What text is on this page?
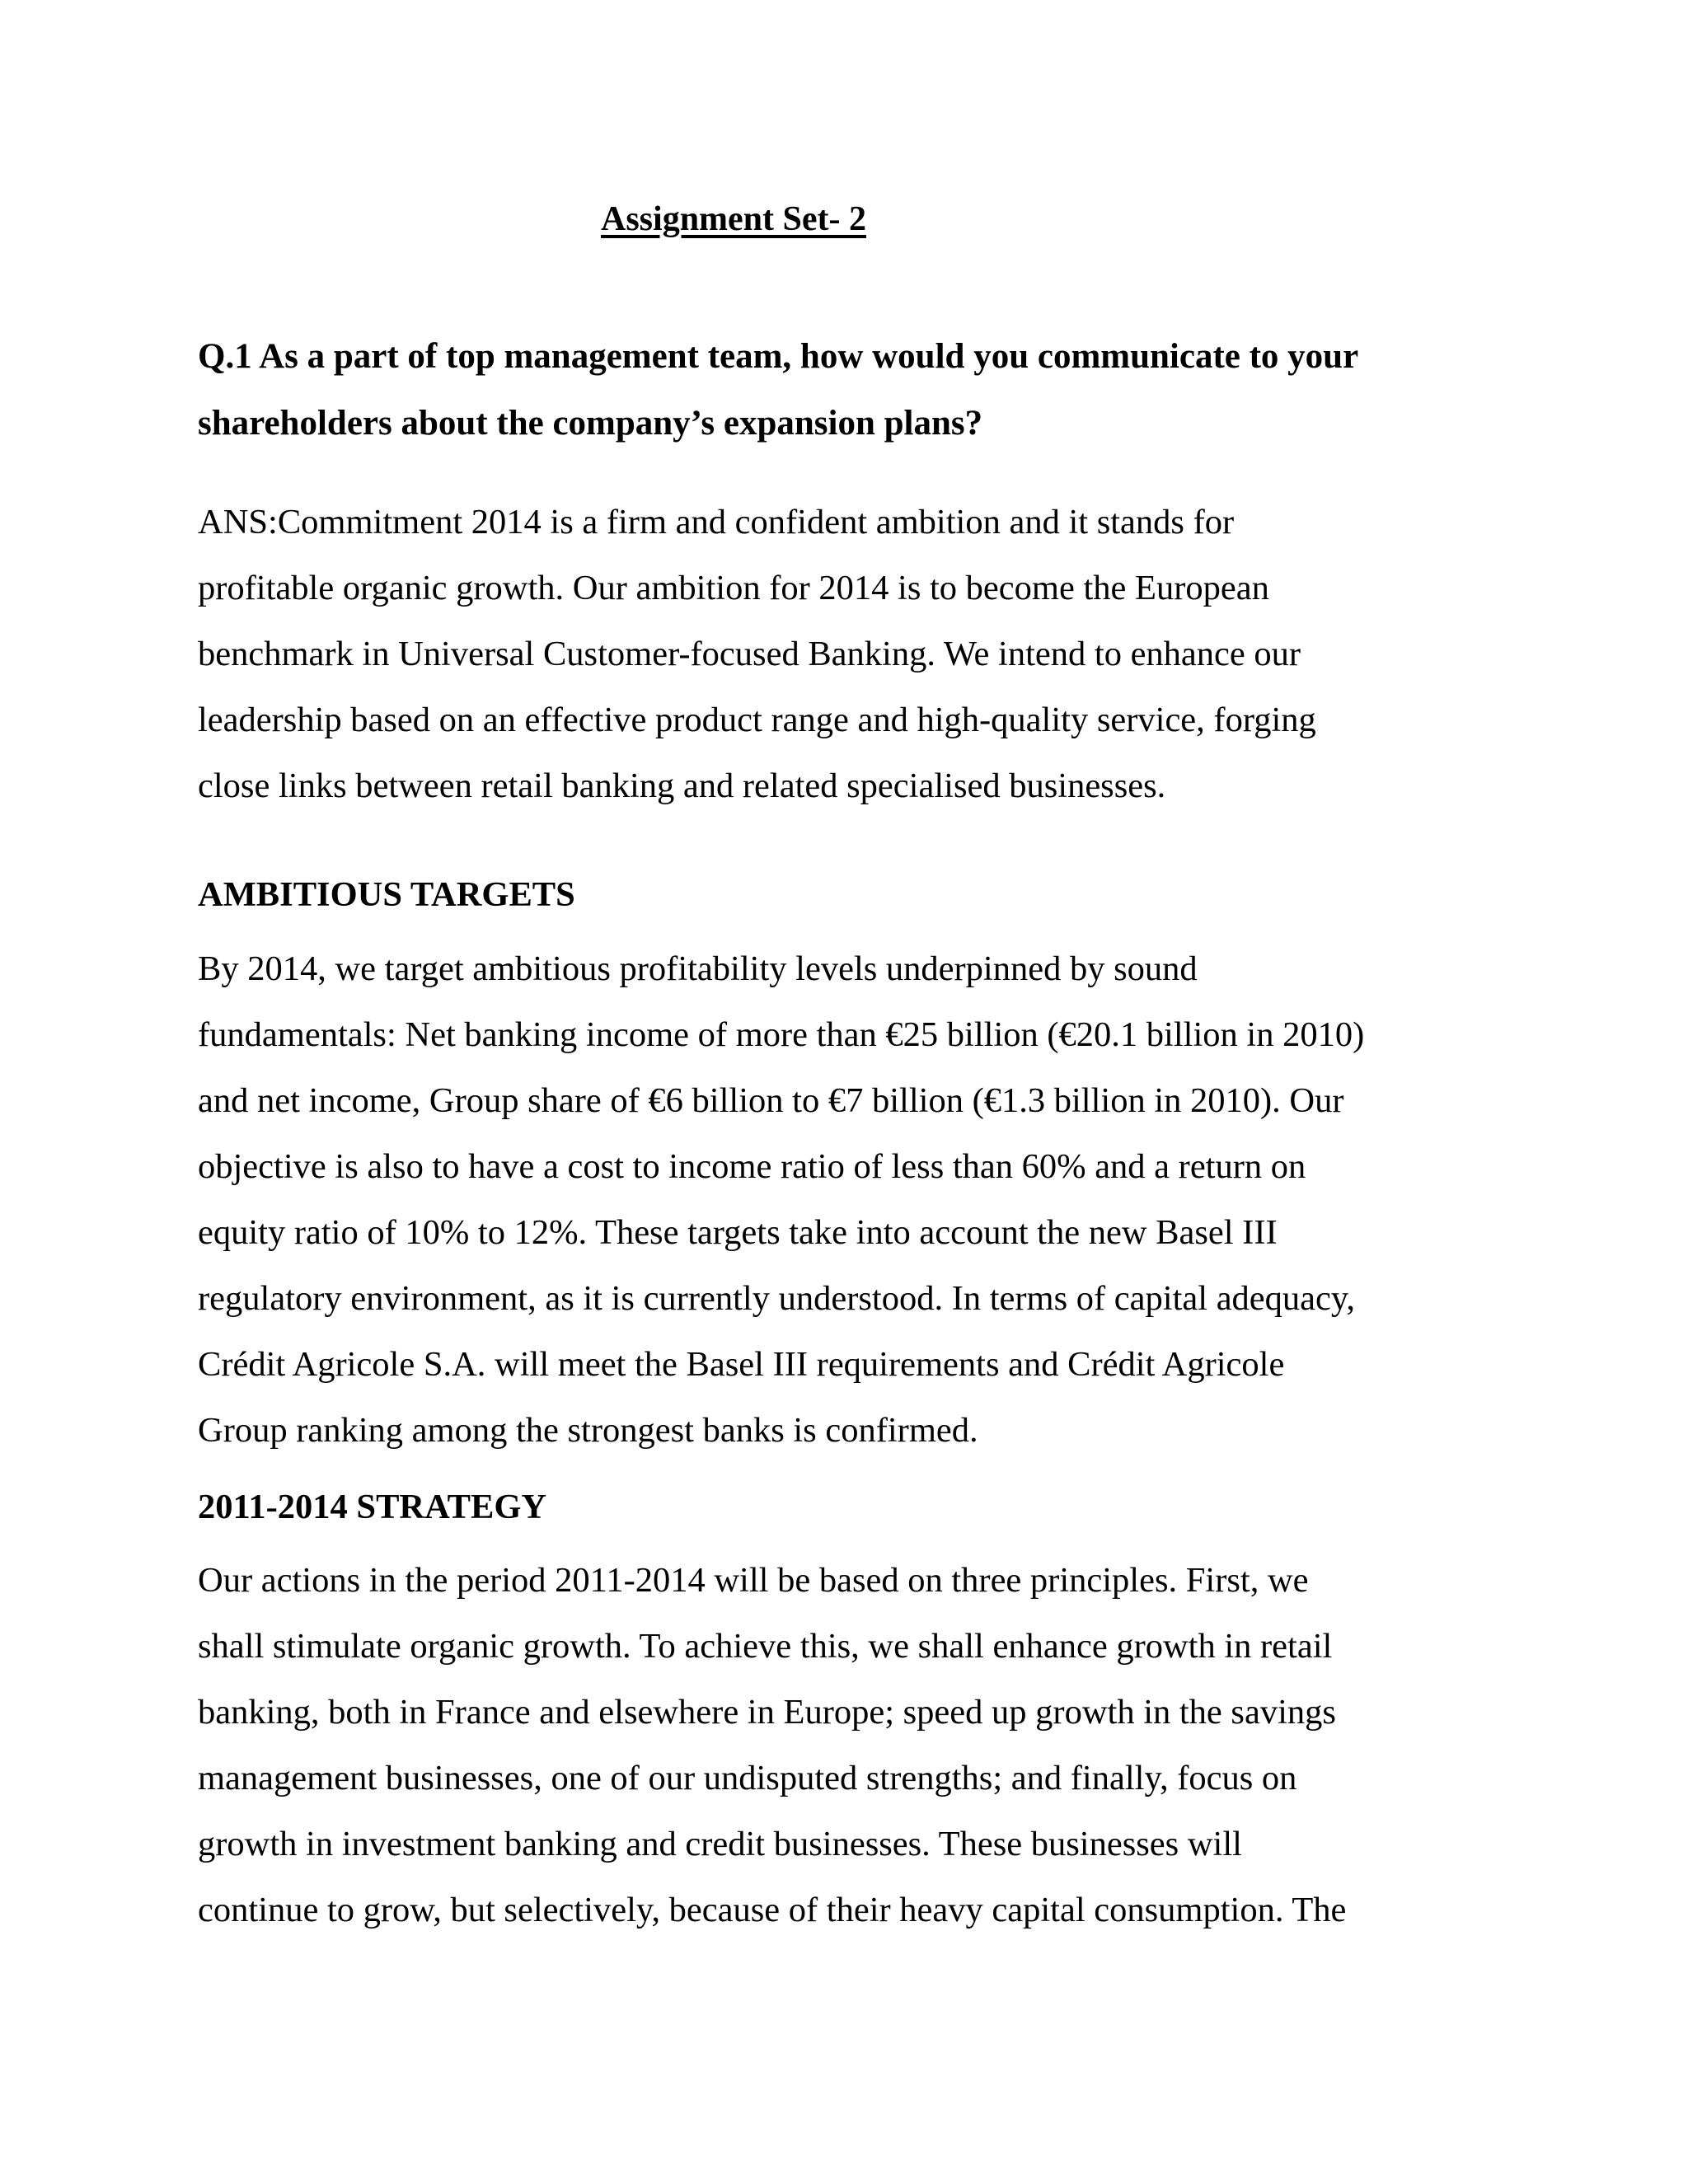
Assignment Set- 2

Q.1 As a part of top management team, how would you communicate to your
shareholders about the company’s expansion plans?

ANS:Commitment 2014 is a firm and confident ambition and it stands for
profitable organic growth. Our ambition for 2014 is to become the European
benchmark in Universal Customer-focused Banking. We intend to enhance our
leadership based on an effective product range and high-quality service, forging
close links between retail banking and related specialised businesses.

AMBITIOUS TARGETS

By 2014, we target ambitious profitability levels underpinned by sound
fundamentals: Net banking income of more than €25 billion (€20.1 billion in 2010)
and net income, Group share of €6 billion to €7 billion (€1.3 billion in 2010). Our
objective is also to have a cost to income ratio of less than 60% and a return on
equity ratio of 10% to 12%. These targets take into account the new Basel III
regulatory environment, as it is currently understood. In terms of capital adequacy,
Crédit Agricole S.A. will meet the Basel III requirements and Crédit Agricole
Group ranking among the strongest banks is confirmed.

2011-2014 STRATEGY

Our actions in the period 2011-2014 will be based on three principles. First, we
shall stimulate organic growth. To achieve this, we shall enhance growth in retail
banking, both in France and elsewhere in Europe; speed up growth in the savings
management businesses, one of our undisputed strengths; and finally, focus on
growth in investment banking and credit businesses. These businesses will
continue to grow, but selectively, because of their heavy capital consumption. The
